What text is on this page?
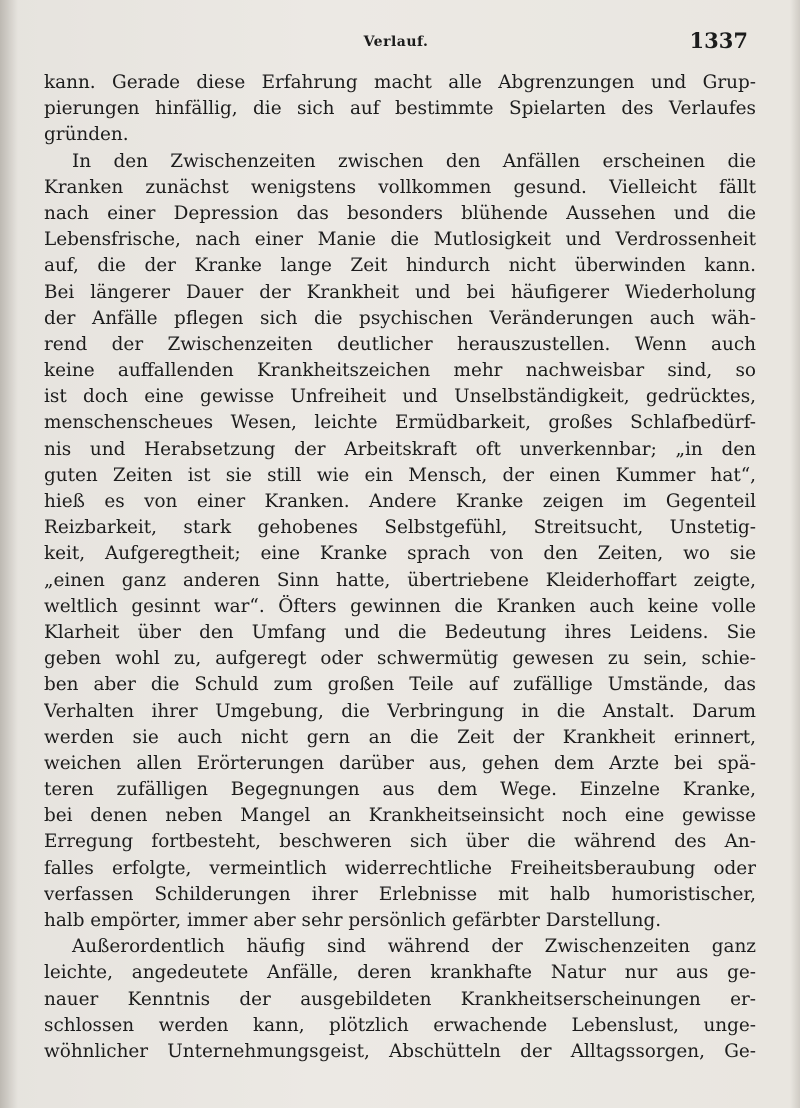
Verlauf.	1337
kann. Gerade diese Erfahrung macht alle Abgrenzungen und Grup-
pierungen hinfällig, die sich auf bestimmte Spielarten des Verlaufes
gründen.
In den Zwischenzeiten zwischen den Anfällen erscheinen die
Kranken zunächst wenigstens vollkommen gesund. Vielleicht fällt
nach einer Depression das besonders blühende Aussehen und die
Lebensfrische, nach einer Manie die Mutlosigkeit und Verdrossenheit
auf, die der Kranke lange Zeit hindurch nicht überwinden kann.
Bei längerer Dauer der Krankheit und bei häufigerer Wiederholung
der Anfälle pflegen sich die psychischen Veränderungen auch wäh-
rend der Zwischenzeiten deutlicher herauszustellen. Wenn auch
keine auffallenden Krankheitszeichen mehr nachweisbar sind, so
ist doch eine gewisse Unfreiheit und Unselbständigkeit, gedrücktes,
menschenscheues Wesen, leichte Ermüdbarkeit, großes Schlafbedürf-
nis und Herabsetzung der Arbeitskraft oft unverkennbar; „in den
guten Zeiten ist sie still wie ein Mensch, der einen Kummer hat“,
hieß es von einer Kranken. Andere Kranke zeigen im Gegenteil
Reizbarkeit, stark gehobenes Selbstgefühl, Streitsucht, Unstetig-
keit, Aufgeregtheit; eine Kranke sprach von den Zeiten, wo sie
„einen ganz anderen Sinn hatte, übertriebene Kleiderhoffart zeigte,
weltlich gesinnt war“. Öfters gewinnen die Kranken auch keine volle
Klarheit über den Umfang und die Bedeutung ihres Leidens. Sie
geben wohl zu, aufgeregt oder schwermütig gewesen zu sein, schie-
ben aber die Schuld zum großen Teile auf zufällige Umstände, das
Verhalten ihrer Umgebung, die Verbringung in die Anstalt. Darum
werden sie auch nicht gern an die Zeit der Krankheit erinnert,
weichen allen Erörterungen darüber aus, gehen dem Arzte bei spä-
teren zufälligen Begegnungen aus dem Wege. Einzelne Kranke,
bei denen neben Mangel an Krankheitseinsicht noch eine gewisse
Erregung fortbesteht, beschweren sich über die während des An-
falles erfolgte, vermeintlich widerrechtliche Freiheitsberaubung oder
verfassen Schilderungen ihrer Erlebnisse mit halb humoristischer,
halb empörter, immer aber sehr persönlich gefärbter Darstellung.
Außerordentlich häufig sind während der Zwischenzeiten ganz
leichte, angedeutete Anfälle, deren krankhafte Natur nur aus ge-
nauer Kenntnis der ausgebildeten Krankheitserscheinungen er-
schlossen werden kann, plötzlich erwachende Lebenslust, unge-
wöhnlicher Unternehmungsgeist, Abschütteln der Alltagssorgen, Ge-
